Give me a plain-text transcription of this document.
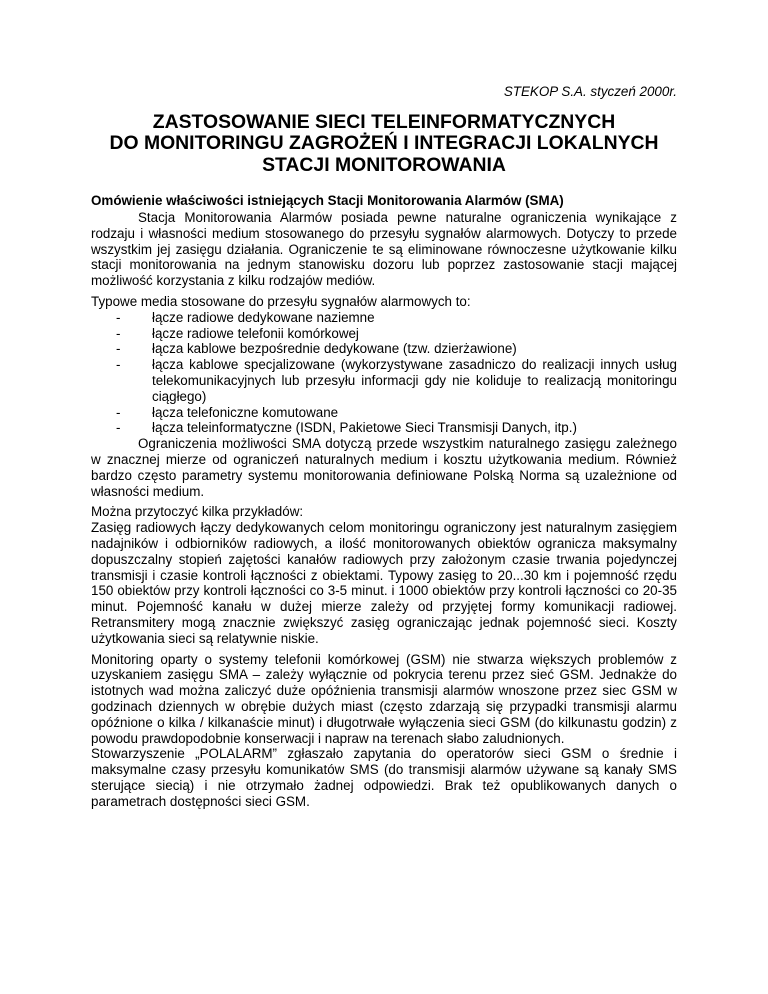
STEKOP S.A. styczeń 2000r.
ZASTOSOWANIE SIECI TELEINFORMATYCZNYCH
DO MONITORINGU ZAGROŻEŃ I INTEGRACJI LOKALNYCH
STACJI MONITOROWANIA
Omówienie właściwości istniejących Stacji Monitorowania Alarmów (SMA)

Stacja Monitorowania Alarmów posiada pewne naturalne ograniczenia wynikające z rodzaju i własności medium stosowanego do przesyłu sygnałów alarmowych. Dotyczy to przede wszystkim jej zasięgu działania. Ograniczenie te są eliminowane równoczesne użytkowanie kilku stacji monitorowania na jednym stanowisku dozoru lub poprzez zastosowanie stacji mającej możliwość korzystania z kilku rodzajów mediów.

Typowe media stosowane do przesyłu sygnałów alarmowych to:

- łącze radiowe dedykowane naziemne
- łącze radiowe telefonii komórkowej
- łącza kablowe bezpośrednie dedykowane (tzw. dzierżawione)
- łącza kablowe specjalizowane (wykorzystywane zasadniczo do realizacji innych usług telekomunikacyjnych lub przesyłu informacji gdy nie koliduje to realizacją monitoringu ciągłego)
- łącza telefoniczne komutowane
- łącza teleinformatyczne (ISDN, Pakietowe Sieci Transmisji Danych, itp.)

Ograniczenia możliwości SMA dotyczą przede wszystkim naturalnego zasięgu zależnego w znacznej mierze od ograniczeń naturalnych medium i kosztu użytkowania medium. Również bardzo często parametry systemu monitorowania definiowane Polską Norma są uzależnione od własności medium.

Można przytoczyć kilka przykładów:

Zasięg radiowych łączy dedykowanych celom monitoringu ograniczony jest naturalnym zasięgiem nadajników i odbiorników radiowych, a ilość monitorowanych obiektów ogranicza maksymalny dopuszczalny stopień zajętości kanałów radiowych przy założonym czasie trwania pojedynczej transmisji i czasie kontroli łączności z obiektami. Typowy zasięg to 20...30 km i pojemność rzędu 150 obiektów przy kontroli łączności co 3-5 minut. i 1000 obiektów przy kontroli łączności co 20-35 minut. Pojemność kanału w dużej mierze zależy od przyjętej formy komunikacji radiowej. Retransmitery mogą znacznie zwiększyć zasięg ograniczając jednak pojemność sieci. Koszty użytkowania sieci są relatywnie niskie.

Monitoring oparty o systemy telefonii komórkowej (GSM) nie stwarza większych problemów z uzyskaniem zasięgu SMA – zależy wyłącznie od pokrycia terenu przez sieć GSM. Jednakże do istotnych wad można zaliczyć duże opóźnienia transmisji alarmów wnoszone przez siec GSM w godzinach dziennych w obrębie dużych miast (często zdarzają się przypadki transmisji alarmu opóźnione o kilka / kilkanaście minut) i długotrwałe wyłączenia sieci GSM (do kilkunastu godzin) z powodu prawdopodobnie konserwacji i napraw na terenach słabo zaludnionych.

Stowarzyszenie „POLALARM” zgłaszało zapytania do operatorów sieci GSM o średnie i maksymalne czasy przesyłu komunikatów SMS (do transmisji alarmów używane są kanały SMS sterujące siecią) i nie otrzymało żadnej odpowiedzi. Brak też opublikowanych danych o parametrach dostępności sieci GSM.
